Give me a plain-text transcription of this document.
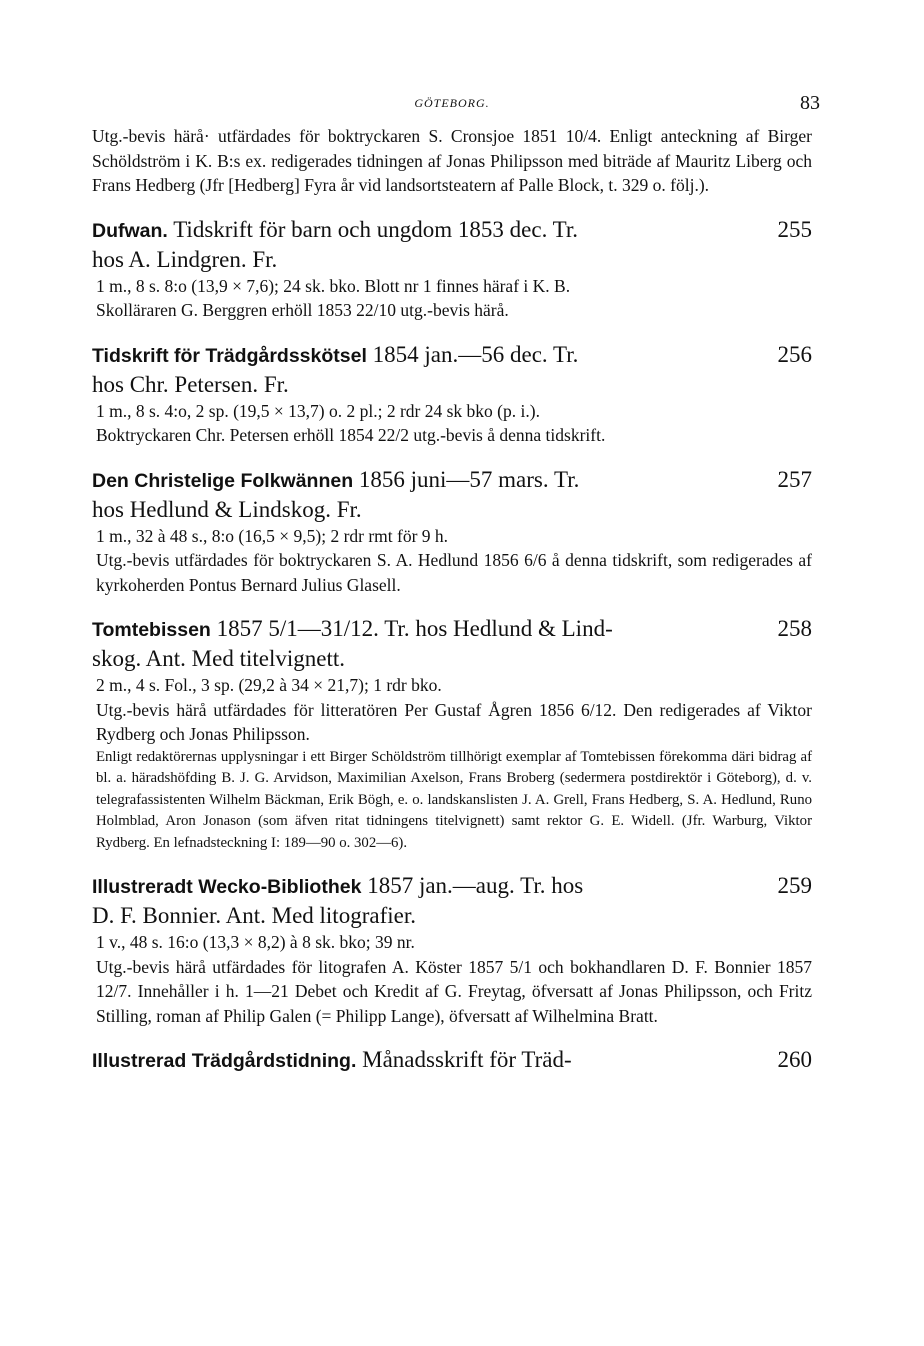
GÖTEBORG.	83

Utg.-bevis härå· utfärdades för boktryckaren S. Cronsjoe 1851 10/4. Enligt anteckning af Birger Schöldström i K. B:s ex. redigerades tidningen af Jonas Philipsson med biträde af Mauritz Liberg och Frans Hedberg (Jfr [Hedberg] Fyra år vid landsortsteatern af Palle Block, t. 329 o. följ.).

Dufwan. Tidskrift för barn och ungdom 1853 dec. Tr.	255
hos A. Lindgren. Fr.

1 m., 8 s. 8:o (13,9 × 7,6); 24 sk. bko. Blott nr 1 finnes häraf i K. B.

Skolläraren G. Berggren erhöll 1853 22/10 utg.-bevis härå.

Tidskrift för Trädgårdsskötsel 1854 jan.—56 dec. Tr.	256
hos Chr. Petersen. Fr.

1 m., 8 s. 4:o, 2 sp. (19,5 × 13,7) o. 2 pl.; 2 rdr 24 sk bko (p. i.).

Boktryckaren Chr. Petersen erhöll 1854 22/2 utg.-bevis å denna tidskrift.

Den Christelige Folkwännen 1856 juni—57 mars. Tr.	257
hos Hedlund & Lindskog. Fr.

1 m., 32 à 48 s., 8:o (16,5 × 9,5); 2 rdr rmt för 9 h.

Utg.-bevis utfärdades för boktryckaren S. A. Hedlund 1856 6/6 å denna tidskrift, som redigerades af kyrkoherden Pontus Bernard Julius Glasell.

Tomtebissen 1857 5/1—31/12. Tr. hos Hedlund & Lind-	258
skog. Ant. Med titelvignett.

2 m., 4 s. Fol., 3 sp. (29,2 à 34 × 21,7); 1 rdr bko.

Utg.-bevis härå utfärdades för litteratören Per Gustaf Ågren 1856 6/12. Den redigerades af Viktor Rydberg och Jonas Philipsson.

Enligt redaktörernas upplysningar i ett Birger Schöldström tillhörigt exemplar af Tomtebissen förekomma däri bidrag af bl. a. häradshöfding B. J. G. Arvidson, Maximilian Axelson, Frans Broberg (sedermera postdirektör i Göteborg), d. v. telegrafassistenten Wilhelm Bäckman, Erik Bögh, e. o. landskanslisten J. A. Grell, Frans Hedberg, S. A. Hedlund, Runo Holmblad, Aron Jonason (som äfven ritat tidningens titelvignett) samt rektor G. E. Widell. (Jfr. Warburg, Viktor Rydberg. En lefnadsteckning I: 189—90 o. 302—6).

Illustreradt Wecko-Bibliothek 1857 jan.—aug. Tr. hos	259
D. F. Bonnier. Ant. Med litografier.

1 v., 48 s. 16:o (13,3 × 8,2) à 8 sk. bko; 39 nr.

Utg.-bevis härå utfärdades för litografen A. Köster 1857 5/1 och bokhandlaren D. F. Bonnier 1857 12/7. Innehåller i h. 1—21 Debet och Kredit af G. Freytag, öfversatt af Jonas Philipsson, och Fritz Stilling, roman af Philip Galen (= Philipp Lange), öfversatt af Wilhelmina Bratt.

Illustrerad Trädgårdstidning. Månadsskrift för Träd-	260
